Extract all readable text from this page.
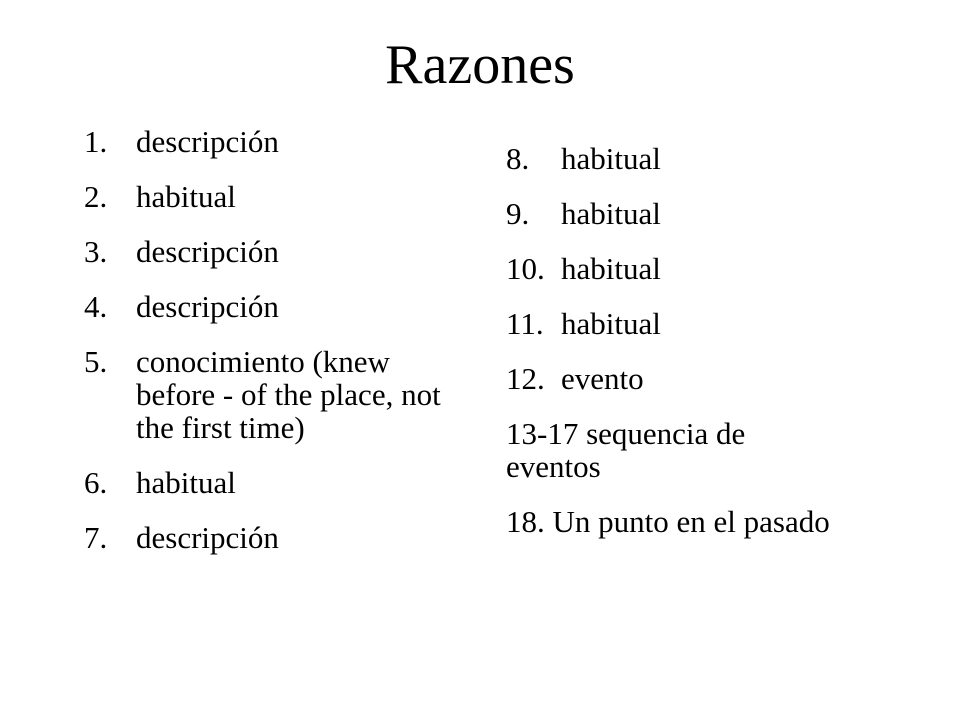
Razones
1. descripción
2. habitual
3. descripción
4. descripción
5. conocimiento (knew before - of the place, not the first time)
6. habitual
7. descripción
8.	habitual
9.	habitual
10. habitual
11. habitual
12. evento
13-17 sequencia de eventos
18. Un punto en el pasado
